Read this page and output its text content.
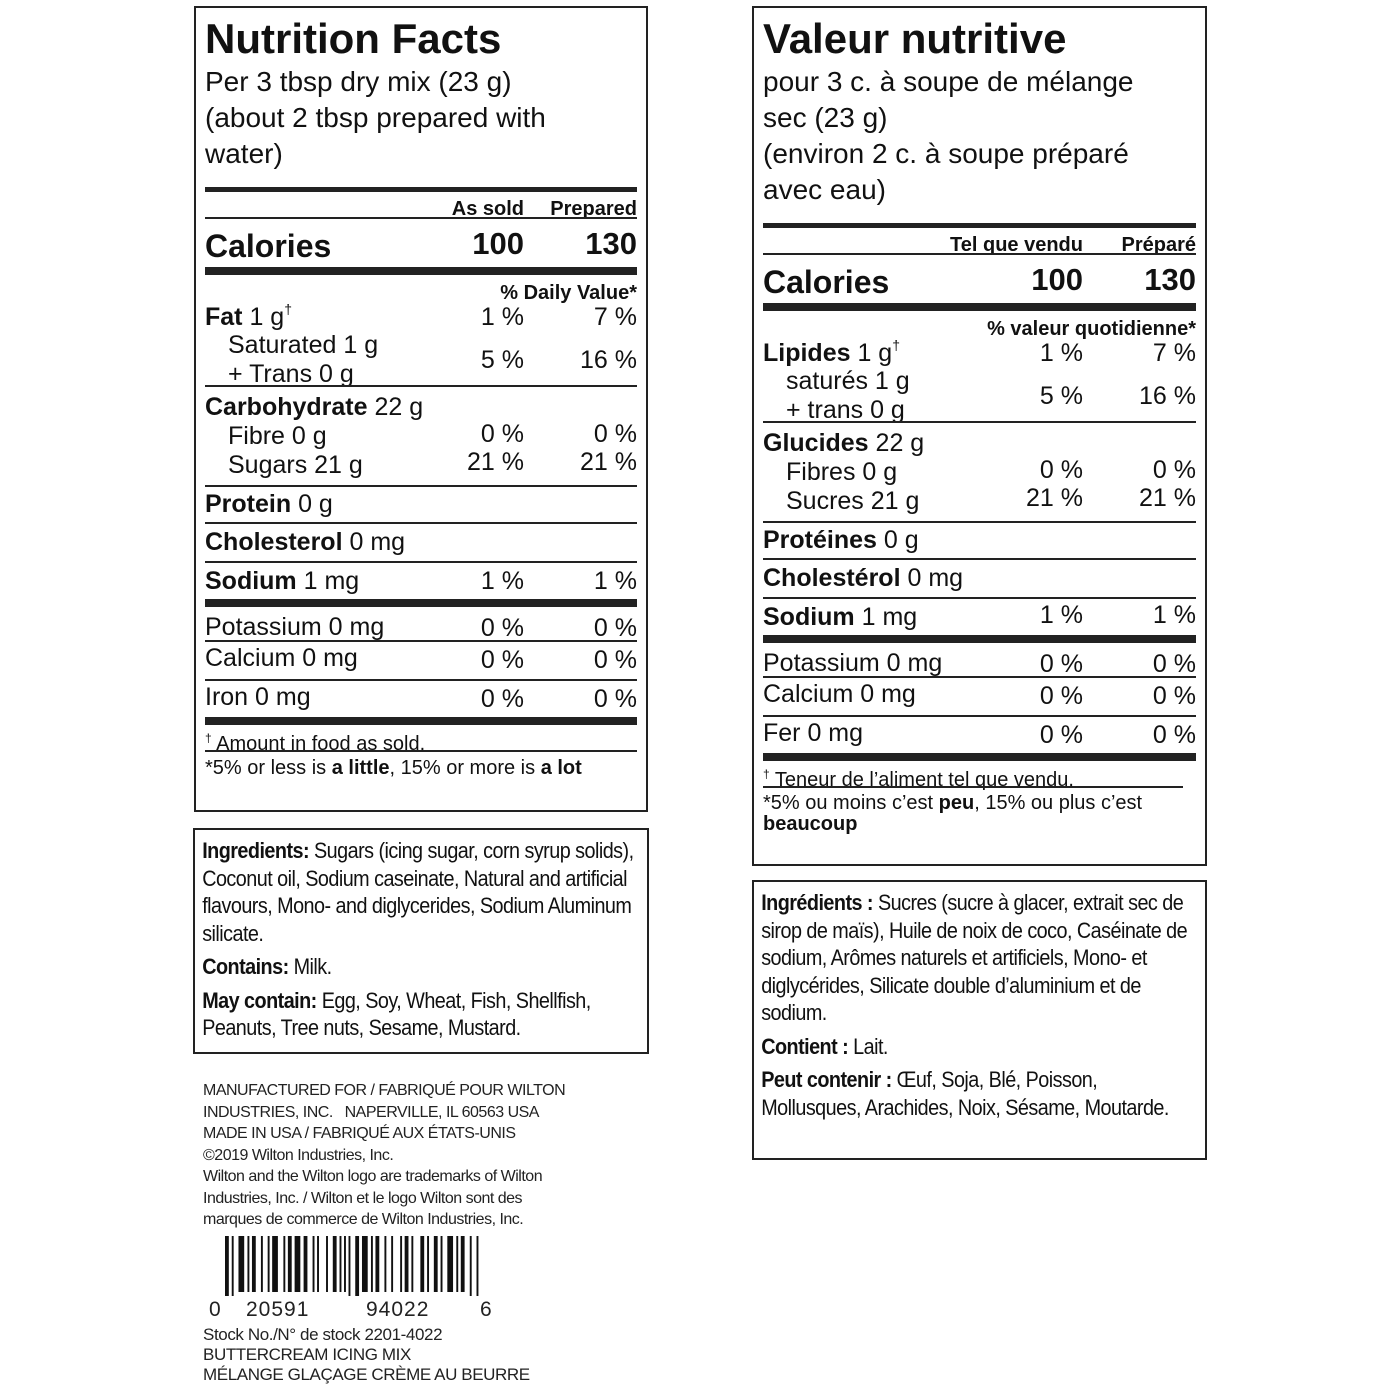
Nutrition Facts
Per 3 tbsp dry mix (23 g)
(about 2 tbsp prepared with
water)
As sold Prepared
Calories	100 130
% Daily Value*
Fat 1 g†	1 %	7 %
Saturated 1 g
+ Trans 0 g	5 % 16 %
Carbohydrate 22 g
Fibre 0 g	0 %	0 %
Sugars 21 g	21 % 21 %
Protein 0 g
Cholesterol 0 mg
Sodium 1 mg	1 %	1 %
Potassium 0 mg	0 %	0 %
Calcium 0 mg	0 %	0 %
Iron 0 mg	0 %	0 %
† Amount in food as sold.
*5% or less is a little, 15% or more is a lot
Valeur nutritive
pour 3 c. à soupe de mélange
sec (23 g)
(environ 2 c. à soupe préparé
avec eau)
Tel que vendu Préparé
Calories	100 130
% valeur quotidienne*
Lipides 1 g†	1 %	7 %
saturés 1 g
+ trans 0 g	5 % 16 %
Glucides 22 g
Fibres 0 g	0 %	0 %
Sucres 21 g	21 % 21 %
Protéines 0 g
Cholestérol 0 mg
Sodium 1 mg	1 %	1 %
Potassium 0 mg	0 %	0 %
Calcium 0 mg	0 %	0 %
Fer 0 mg	0 %	0 %
† Teneur de l’aliment tel que vendu.
*5% ou moins c’est peu, 15% ou plus c’est beaucoup

Ingredients: Sugars (icing sugar, corn syrup solids), Coconut oil, Sodium caseinate, Natural and artificial flavours, Mono- and diglycerides, Sodium Aluminum silicate.

Contains: Milk.

May contain: Egg, Soy, Wheat, Fish, Shellfish, Peanuts, Tree nuts, Sesame, Mustard.

Ingrédients : Sucres (sucre à glacer, extrait sec de sirop de maïs), Huile de noix de coco, Caséinate de sodium, Arômes naturels et artificiels, Mono- et diglycérides, Silicate double d’aluminium et de sodium.

Contient : Lait.

Peut contenir : Œuf, Soja, Blé, Poisson, Mollusques, Arachides, Noix, Sésame, Moutarde.

MANUFACTURED FOR / FABRIQUÉ POUR WILTON
INDUSTRIES, INC.   NAPERVILLE, IL 60563 USA
MADE IN USA / FABRIQUÉ AUX ÉTATS-UNIS
©2019 Wilton Industries, Inc.
Wilton and the Wilton logo are trademarks of Wilton
Industries, Inc. / Wilton et le logo Wilton sont des
marques de commerce de Wilton Industries, Inc.
0 20591	94022 6
Stock No./N° de stock 2201-4022
BUTTERCREAM ICING MIX
MÉLANGE GLAÇAGE CRÈME AU BEURRE
